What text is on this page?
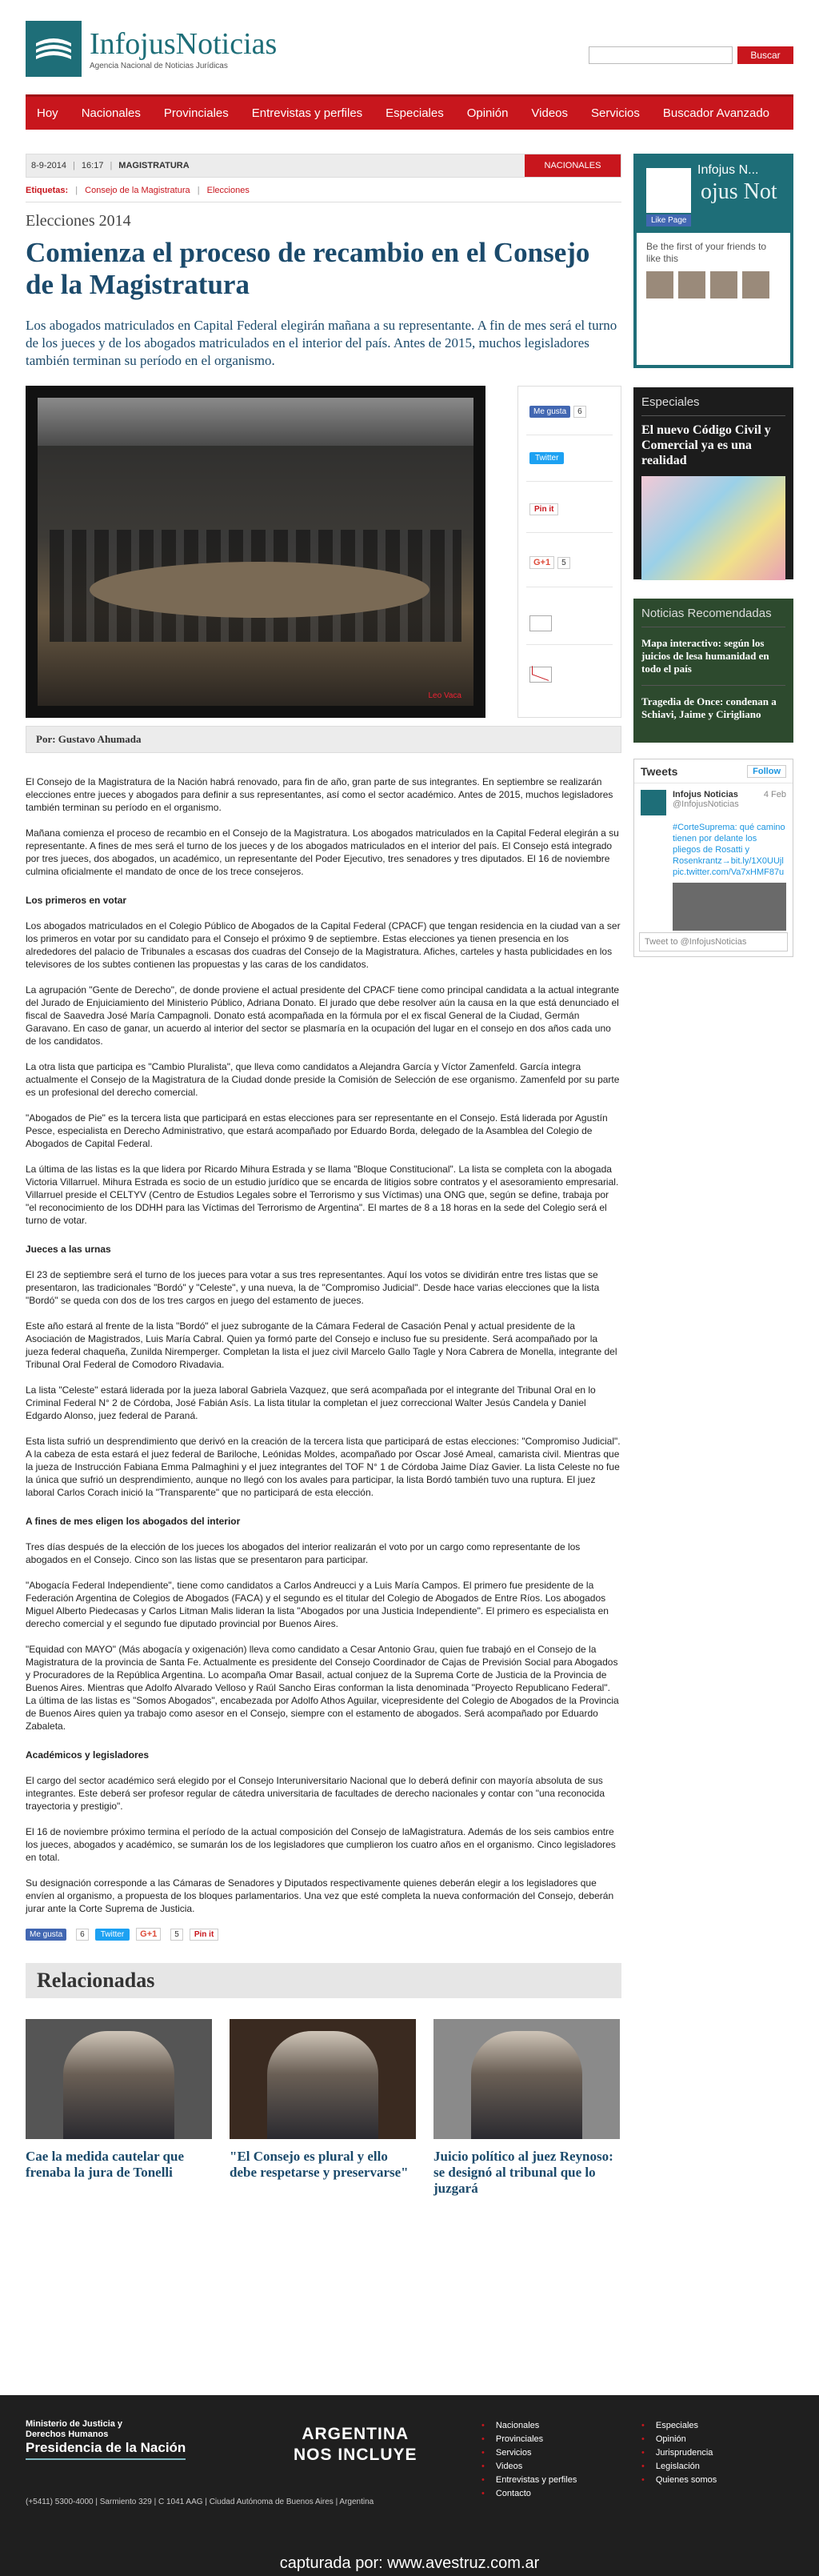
InfojusNoticias
Agencia Nacional de Noticias Jurídicas
Buscar
Hoy Nacionales Provinciales Entrevistas y perfiles Especiales Opinión Videos Servicios Buscador Avanzado
8-9-2014 | 16:17 | MAGISTRATURA	NACIONALES
Etiquetas: | Consejo de la Magistratura | Elecciones
Elecciones 2014
Comienza el proceso de recambio en el Consejo de la Magistratura
Los abogados matriculados en Capital Federal elegirán mañana a su representante. A fin de mes será el turno de los jueces y de los abogados matriculados en el interior del país. Antes de 2015, muchos legisladores también terminan su período en el organismo.
Leo Vaca
Me gusta	6
Twitter
Pin it
G+1	5
Por: Gustavo Ahumada

El Consejo de la Magistratura de la Nación habrá renovado, para fin de año, gran parte de sus integrantes. En septiembre se realizarán elecciones entre jueces y abogados para definir a sus representantes, así como el sector académico. Antes de 2015, muchos legisladores también terminan su período en el organismo.

Mañana comienza el proceso de recambio en el Consejo de la Magistratura. Los abogados matriculados en la Capital Federal elegirán a su representante. A fines de mes será el turno de los jueces y de los abogados matriculados en el interior del país. El Consejo está integrado por tres jueces, dos abogados, un académico, un representante del Poder Ejecutivo, tres senadores y tres diputados. El 16 de noviembre culmina oficialmente el mandato de once de los trece consejeros.

Los primeros en votar

Los abogados matriculados en el Colegio Público de Abogados de la Capital Federal (CPACF) que tengan residencia en la ciudad van a ser los primeros en votar por su candidato para el Consejo el próximo 9 de septiembre. Estas elecciones ya tienen presencia en los alrededores del palacio de Tribunales a escasas dos cuadras del Consejo de la Magistratura. Afiches, carteles y hasta publicidades en los televisores de los subtes contienen las propuestas y las caras de los candidatos.

La agrupación "Gente de Derecho", de donde proviene el actual presidente del CPACF tiene como principal candidata a la actual integrante del Jurado de Enjuiciamiento del Ministerio Público, Adriana Donato. El jurado que debe resolver aún la causa en la que está denunciado el fiscal de Saavedra José María Campagnoli. Donato está acompañada en la fórmula por el ex fiscal General de la Ciudad, Germán Garavano. En caso de ganar, un acuerdo al interior del sector se plasmaría en la ocupación del lugar en el consejo en dos años cada uno de los candidatos.

La otra lista que participa es "Cambio Pluralista", que lleva como candidatos a Alejandra García y Víctor Zamenfeld. García integra actualmente el Consejo de la Magistratura de la Ciudad donde preside la Comisión de Selección de ese organismo. Zamenfeld por su parte es un profesional del derecho comercial.

"Abogados de Pie" es la tercera lista que participará en estas elecciones para ser representante en el Consejo. Está liderada por Agustín Pesce, especialista en Derecho Administrativo, que estará acompañado por Eduardo Borda, delegado de la Asamblea del Colegio de Abogados de Capital Federal.

La última de las listas es la que lidera por Ricardo Mihura Estrada y se llama "Bloque Constitucional". La lista se completa con la abogada Victoria Villarruel. Mihura Estrada es socio de un estudio jurídico que se encarda de litigios sobre contratos y el asesoramiento empresarial. Villarruel preside el CELTYV (Centro de Estudios Legales sobre el Terrorismo y sus Víctimas) una ONG que, según se define, trabaja por "el reconocimiento de los DDHH para las Víctimas del Terrorismo de Argentina". El martes de 8 a 18 horas en la sede del Colegio será el turno de votar.

Jueces a las urnas

El 23 de septiembre será el turno de los jueces para votar a sus tres representantes. Aquí los votos se dividirán entre tres listas que se presentaron, las tradicionales "Bordó" y "Celeste", y una nueva, la de "Compromiso Judicial". Desde hace varias elecciones que la lista "Bordó" se queda con dos de los tres cargos en juego del estamento de jueces.

Este año estará al frente de la lista "Bordó" el juez subrogante de la Cámara Federal de Casación Penal y actual presidente de la Asociación de Magistrados, Luis María Cabral. Quien ya formó parte del Consejo e incluso fue su presidente. Será acompañado por la jueza federal chaqueña, Zunilda Niremperger. Completan la lista el juez civil Marcelo Gallo Tagle y Nora Cabrera de Monella, integrante del Tribunal Oral Federal de Comodoro Rivadavia.

La lista "Celeste" estará liderada por la jueza laboral Gabriela Vazquez, que será acompañada por el integrante del Tribunal Oral en lo Criminal Federal N° 2 de Córdoba, José Fabián Asís. La lista titular la completan el juez correccional Walter Jesús Candela y Daniel Edgardo Alonso, juez federal de Paraná.

Esta lista sufrió un desprendimiento que derivó en la creación de la tercera lista que participará de estas elecciones: "Compromiso Judicial". A la cabeza de esta estará el juez federal de Bariloche, Leónidas Moldes, acompañado por Oscar José Ameal, camarista civil. Mientras que la jueza de Instrucción Fabiana Emma Palmaghini y el juez integrantes del TOF N° 1 de Córdoba Jaime Díaz Gavier. La lista Celeste no fue la única que sufrió un desprendimiento, aunque no llegó con los avales para participar, la lista Bordó también tuvo una ruptura. El juez laboral Carlos Corach inició la "Transparente" que no participará de esta elección.

A fines de mes eligen los abogados del interior

Tres días después de la elección de los jueces los abogados del interior realizarán el voto por un cargo como representante de los abogados en el Consejo. Cinco son las listas que se presentaron para participar.

"Abogacía Federal Independiente", tiene como candidatos a Carlos Andreucci y a Luis María Campos. El primero fue presidente de la Federación Argentina de Colegios de Abogados (FACA) y el segundo es el titular del Colegio de Abogados de Entre Ríos. Los abogados Miguel Alberto Piedecasas y Carlos Litman Malis lideran la lista "Abogados por una Justicia Independiente". El primero es especialista en derecho comercial y el segundo fue diputado provincial por Buenos Aires.

"Equidad con MAYO" (Más abogacía y oxigenación) lleva como candidato a Cesar Antonio Grau, quien fue trabajó en el Consejo de la Magistratura de la provincia de Santa Fe. Actualmente es presidente del Consejo Coordinador de Cajas de Previsión Social para Abogados y Procuradores de la República Argentina. Lo acompaña Omar Basail, actual conjuez de la Suprema Corte de Justicia de la Provincia de Buenos Aires. Mientras que Adolfo Alvarado Velloso y Raúl Sancho Eiras conforman la lista denominada "Proyecto Republicano Federal". La última de las listas es "Somos Abogados", encabezada por Adolfo Athos Aguilar, vicepresidente del Colegio de Abogados de la Provincia de Buenos Aires quien ya trabajo como asesor en el Consejo, siempre con el estamento de abogados. Será acompañado por Eduardo Zabaleta.

Académicos y legisladores

El cargo del sector académico será elegido por el Consejo Interuniversitario Nacional que lo deberá definir con mayoría absoluta de sus integrantes. Este deberá ser profesor regular de cátedra universitaria de facultades de derecho nacionales y contar con "una reconocida trayectoria y prestigio".

El 16 de noviembre próximo termina el período de la actual composición del Consejo de laMagistratura. Además de los seis cambios entre los jueces, abogados y académico, se sumarán los de los legisladores que cumplieron los cuatro años en el organismo. Cinco legisladores en total.

Su designación corresponde a las Cámaras de Senadores y Diputados respectivamente quienes deberán elegir a los legisladores que envíen al organismo, a propuesta de los bloques parlamentarios. Una vez que esté completa la nueva conformación del Consejo, deberán jurar ante la Corte Suprema de Justicia.

Me gusta	6	Twitter	G+1	5	Pin it
Relacionadas
Cae la medida cautelar que frenaba la jura de Tonelli
"El Consejo es plural y ello debe respetarse y preservarse"
Juicio político al juez Reynoso: se designó al tribunal que lo juzgará
Infojus N...
ojus Not
Like Page
Be the first of your friends to like this
Especiales
El nuevo Código Civil y Comercial ya es una realidad
Noticias Recomendadas
Mapa interactivo: según los juicios de lesa humanidad en todo el país
Tragedia de Once: condenan a Schiavi, Jaime y Cirigliano
Tweets	Follow
Infojus Noticias
@InfojusNoticias
4 Feb
#CorteSuprema: qué camino tienen por delante los pliegos de Rosatti y Rosenkrantz→bit.ly/1X0UUjl pic.twitter.com/Va7xHMF87u
Tweet to @InfojusNoticias
Ministerio de Justicia y Derechos Humanos
Presidencia de la Nación
(+5411) 5300-4000 | Sarmiento 329 | C 1041 AAG | Ciudad Autónoma de Buenos Aires | Argentina
ARGENTINA
NOS INCLUYE
• Nacionales
• Provinciales
• Servicios
• Videos
• Entrevistas y perfiles
• Contacto
• Especiales
• Opinión
• Jurisprudencia
• Legislación
• Quienes somos
capturada por: www.avestruz.com.ar
